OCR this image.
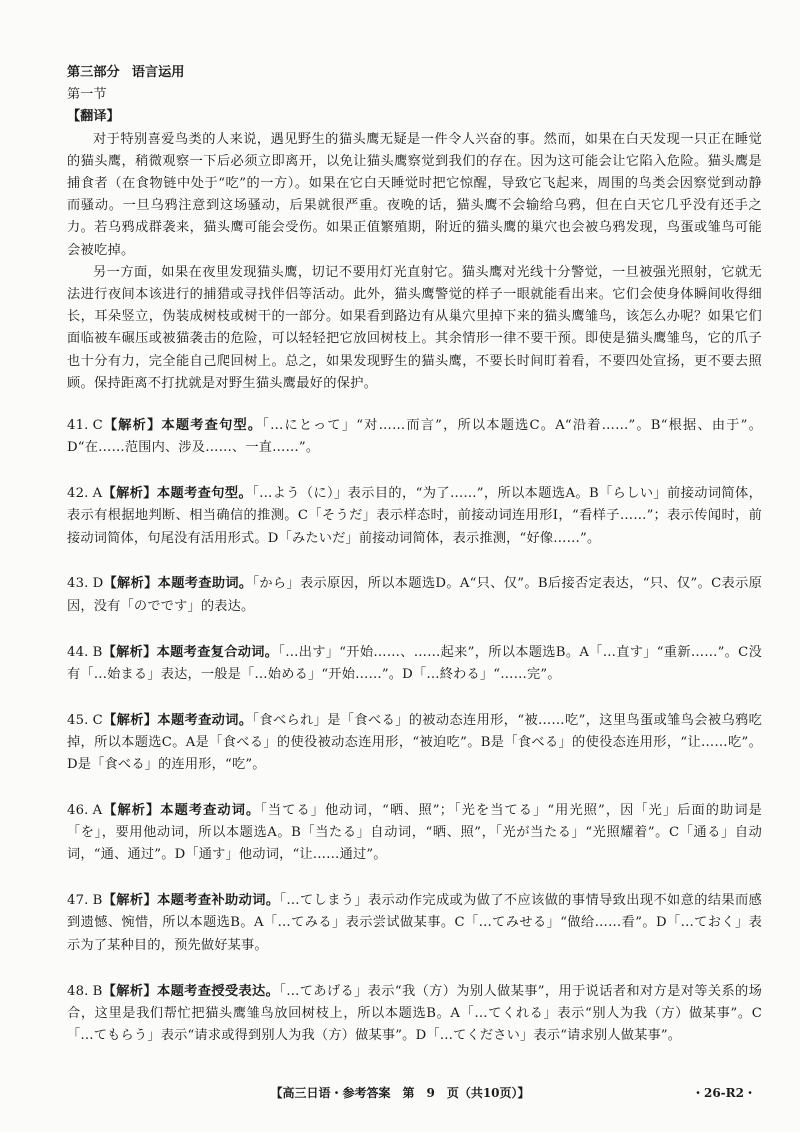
第三部分 语言运用

第一节

【翻译】

对于特别喜爱鸟类的人来说，遇见野生的猫头鹰无疑是一件令人兴奋的事。然而，如果在白天发现一只正在睡觉的猫头鹰，稍微观察一下后必须立即离开，以免让猫头鹰察觉到我们的存在。因为这可能会让它陷入危险。猫头鹰是捕食者（在食物链中处于“吃”的一方）。如果在它白天睡觉时把它惊醒，导致它飞起来，周围的鸟类会因察觉到动静而骚动。一旦乌鸦注意到这场骚动，后果就很严重。夜晚的话，猫头鹰不会输给乌鸦，但在白天它几乎没有还手之力。若乌鸦成群袭来，猫头鹰可能会受伤。如果正值繁殖期，附近的猫头鹰的巢穴也会被乌鸦发现，鸟蛋或雏鸟可能会被吃掉。

另一方面，如果在夜里发现猫头鹰，切记不要用灯光直射它。猫头鹰对光线十分警觉，一旦被强光照射，它就无法进行夜间本该进行的捕猎或寻找伴侣等活动。此外，猫头鹰警觉的样子一眼就能看出来。它们会使身体瞬间收得细长，耳朵竖立，伪装成树枝或树干的一部分。如果看到路边有从巢穴里掉下来的猫头鹰雏鸟，该怎么办呢？如果它们面临被车碾压或被猫袭击的危险，可以轻轻把它放回树枝上。其余情形一律不要干预。即使是猫头鹰雏鸟，它的爪子也十分有力，完全能自己爬回树上。总之，如果发现野生的猫头鹰，不要长时间盯着看，不要四处宣扬，更不要去照顾。保持距离不打扰就是对野生猫头鹰最好的保护。

41. C【解析】本题考查句型。「…にとって」“对……而言”，所以本题选C。A“沿着……”。B“根据、由于”。D“在……范围内、涉及……、一直……”。

42. A【解析】本题考查句型。「…よう（に）」表示目的，“为了……”，所以本题选A。B「らしい」前接动词简体，表示有根据地判断、相当确信的推测。C「そうだ」表示样态时，前接动词连用形Ⅰ，“看样子……”；表示传闻时，前接动词简体，句尾没有活用形式。D「みたいだ」前接动词简体，表示推测，“好像……”。

43. D【解析】本题考查助词。「から」表示原因，所以本题选D。A“只、仅”。B后接否定表达，“只、仅”。C表示原因，没有「のでです」的表达。

44. B【解析】本题考查复合动词。「…出す」“开始……、……起来”，所以本题选B。A「…直す」“重新……”。C没有「…始まる」表达，一般是「…始める」“开始……”。D「…終わる」“……完”。

45. C【解析】本题考查动词。「食べられ」是「食べる」的被动态连用形，“被……吃”，这里鸟蛋或雏鸟会被乌鸦吃掉，所以本题选C。A是「食べる」的使役被动态连用形，“被迫吃”。B是「食べる」的使役态连用形，“让……吃”。D是「食べる」的连用形，“吃”。

46. A【解析】本题考查动词。「当てる」他动词，“晒、照”；「光を当てる」“用光照”，因「光」后面的助词是「を」，要用他动词，所以本题选A。B「当たる」自动词，“晒、照”，「光が当たる」“光照耀着”。C「通る」自动词，“通、通过”。D「通す」他动词，“让……通过”。

47. B【解析】本题考查补助动词。「…てしまう」表示动作完成或为做了不应该做的事情导致出现不如意的结果而感到遗憾、惋惜，所以本题选B。A「…てみる」表示尝试做某事。C「…てみせる」“做给……看”。D「…ておく」表示为了某种目的，预先做好某事。

48. B【解析】本题考查授受表达。「…てあげる」表示“我（方）为别人做某事”，用于说话者和对方是对等关系的场合，这里是我们帮忙把猫头鹰雏鸟放回树枝上，所以本题选B。A「…てくれる」表示“别人为我（方）做某事”。C「…てもらう」表示“请求或得到别人为我（方）做某事”。D「…てください」表示“请求别人做某事”。

【高三日语・参考答案　第　9　页（共10页）】	・26-R2・
